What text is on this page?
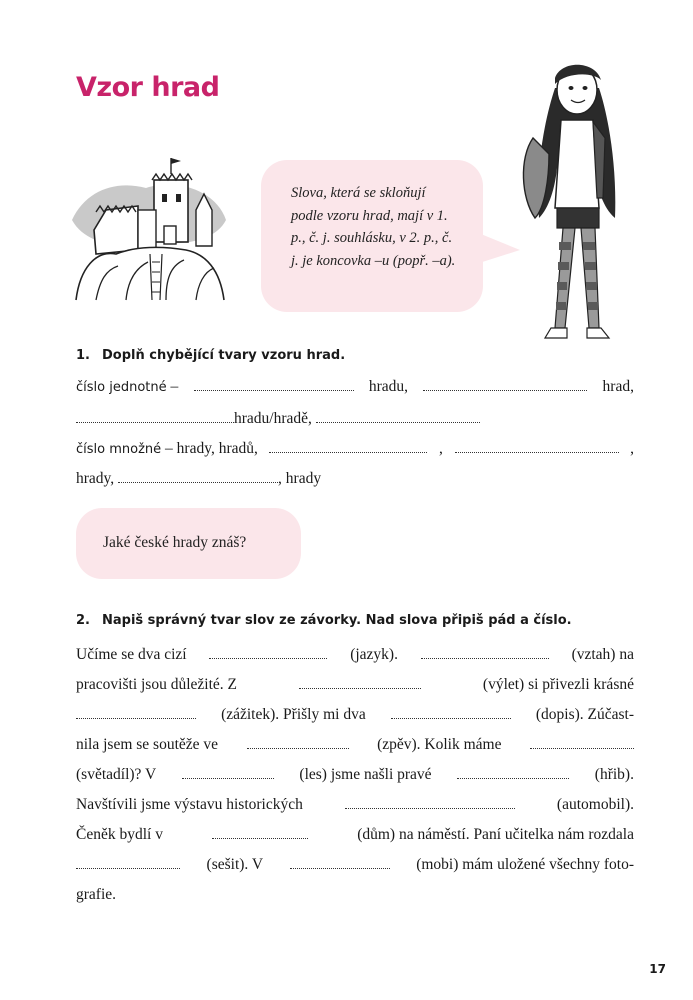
Vzor hrad

Slova, která se skloňují podle vzoru hrad, mají v 1. p., č. j. souhlásku, v 2. p., č. j. je koncovka –u (popř. –a).

1. Doplň chybějící tvary vzoru hrad.
číslo jednotné –	hradu,	hrad,
hradu/hradě,
číslo množné – hrady, hradů,	,	,
hrady,	, hrady

Jaké české hrady znáš?

2. Napiš správný tvar slov ze závorky. Nad slova připiš pád a číslo.
Učíme se dva cizí	(jazyk).	(vztah) na
pracovišti jsou důležité. Z	(výlet) si přivezli krásné
(zážitek). Přišly mi dva	(dopis). Zúčast-
nila jsem se soutěže ve	(zpěv). Kolik máme
(světadíl)? V	(les) jsme našli pravé	(hřib).
Navštívili jsme výstavu historických	(automobil).
Čeněk bydlí v	(dům) na náměstí. Paní učitelka nám rozdala
(sešit). V	(mobi) mám uložené všechny foto-
grafie.
17
